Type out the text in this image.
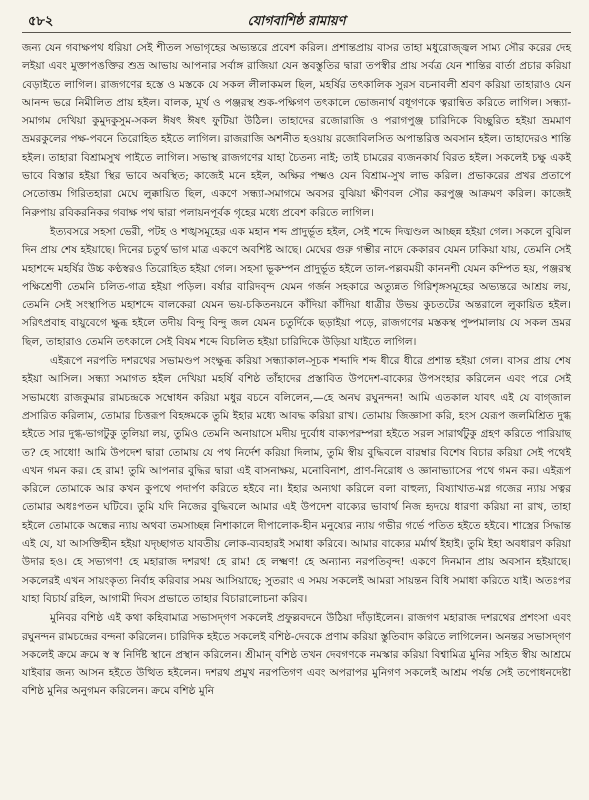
৫৮২	যোগবাশিষ্ঠ রামায়ণ

জন্য যেন গবাক্ষপথ ধরিয়া সেই শীতল সভাগৃহের অভ্যন্তরে প্রবেশ করিল। প্রশান্তপ্রায় বাসর তাহা মধুরোজ্জ্বল সাম্য সৌর করের দেহ লইয়া এবং মুক্তাপঙক্তির শুভ্র আভায় আপনার সর্বাঙ্গ রাজিয়া যেন স্তবস্তুতির দ্বারা তপস্বীর প্রায় সর্বত্র যেন শান্তির বার্তা প্রচার করিয়া বেড়াইতে লাগিল। রাজগণের হস্তে ও মস্তকে যে সকল লীলাকমল ছিল, মহর্ষির তৎকালিক সুরস বচনাবলী শ্রবণ করিয়া তাহারাও যেন আনন্দ ভরে নিমীলিত প্রায় হইল। বালক, মূর্খ ও পঞ্জরস্থ শুক-পক্ষিগণ তৎকালে ভোজনার্থ বধূগণকে ত্বরান্বিত করিতে লাগিল। সন্ধ্যা-সমাগম দেখিয়া কুমুদকুসুম-সকল ঈষৎ ঈষৎ ফুটিয়া উঠিল। তাহাদের রজোরাজি ও পরাগপুঞ্জ চারিদিকে বিচ্ছুরিত হইয়া ভ্রমমাণ ভ্রমরকুলের পক্ষ-পবনে তিরোহিত হইতে লাগিল। রাজরাজি অশনীত হওয়ায় রজোবিলসিত অপান্তরিত্ত অবসান হইল। তাহাদেরও শান্তি হইল। তাহারা বিশ্রামসুখ পাইতে লাগিল। সভাস্থ রাজগণের যাহা চৈতন্য নাই; তাই চামরের ব্যজনকার্য বিরত হইল। সকলেই চক্ষু একই ভাবে বিস্তার হইয়া স্থির ভাবে অবস্থিত; কাজেই মনে হইল, অক্ষির পক্ষ্মও যেন বিশ্রাম-সুখ লাভ করিল। প্রভাকরের প্রখর প্রতাপে সেতোত্তম গিরিতহারা মেঘে লুক্কায়িত ছিল, একণে সন্ধ্যা-সমাগমে অবসর বুঝিয়া ক্ষীণবল সৌর করপুঞ্জ আক্রমণ করিল। কাজেই নিরুপায় রবিকরনিকর গবাক্ষ পথ দ্বারা পলায়নপূর্বক গৃহের মধ্যে প্রবেশ করিতে লাগিল।

ইত্যবসরে সহসা ভেরী, পটহ ও শঙ্খসমূহের এক মহান শব্দ প্রাদুর্ভূত হইল, সেই শব্দে দিঙ্মণ্ডল আচ্ছন্ন হইয়া গেল। সকলে বুঝিল দিন প্রায় শেষ হইয়াছে। দিনের চতুর্থ ভাগ মাত্র একণে অবশিষ্ট আছে। মেঘের গুরু গম্ভীর নাদে কেকারব যেমন ঢাকিয়া যায়, তেমনি সেই মহাশব্দে মহর্ষির উচ্চ কণ্ঠস্বরও তিরোহিত হইয়া গেল। সহসা ভূকম্পন প্রাদুর্ভূত হইলে তাল-পল্লবময়ী কাননশী যেমন কম্পিত হয়, পঞ্জরস্থ পক্ষিশ্রেণী তেমনি চলিত-গাত্র হইয়া পড়িল। বর্ষার বারিদবৃন্দ যেমন গর্জন সহকারে অত্যুন্নত গিরিশৃঙ্গসমূহের অভ্যন্তরে আশ্রয় লয়, তেমনি সেই সংস্থাপিত মহাশব্দে বালকেরা যেমন ভয়-চকিতনয়নে কাঁদিয়া কাঁদিয়া ধাত্রীর উভয় কুচতটের অন্তরালে লুকায়িত হইল। সরিৎপ্রবাহ বায়ুবেগে ক্ষুব্ধ হইলে তদীয় বিন্দু বিন্দু জল যেমন চতুর্দিকে ছড়াইয়া পড়ে, রাজগণের মস্তকস্থ পুষ্পমালায় যে সকল ভ্রমর ছিল, তাহারাও তেমনি তৎকালে সেই বিষম শব্দে বিচলিত হইয়া চারিদিকে উড়িয়া যাইতে লাগিল।

এইরূপে নরপতি দশরথের সভামণ্ডপ সংক্ষুব্ধ করিয়া সন্ধ্যাকাল-সূচক শব্দাদি শব্দ ধীরে ধীরে প্রশান্ত হইয়া গেল। বাসর প্রায় শেষ হইয়া আসিল। সন্ধ্যা সমাগত হইল দেখিয়া মহর্ষি বশিষ্ঠ তাঁহাদের প্রস্তাবিত উপদেশ-বাক্যের উপসংহার করিলেন এবং পরে সেই সভামধ্যে রাজকুমার রামচন্দ্রকে সম্বোধন করিয়া মধুর বচনে বলিলেন,—হে অনঘ রঘুনন্দন! আমি এতকাল যাবৎ এই যে বাগ্জাল প্রসারিত করিলাম, তোমার চিত্তরূপ বিহঙ্গমকে তুমি ইহার মধ্যে আবদ্ধ করিয়া রাখ। তোমায় জিজ্ঞাসা করি, হংস যেরূপ জলমিশ্রিত দুগ্ধ হইতে সার দুগ্ধ-ভাগটুকু তুলিয়া লয়, তুমিও তেমনি অনায়াসে মদীয় দুর্বোধ বাক্যপরম্পরা হইতে সরল সারার্থটুকু গ্রহণ করিতে পারিয়াছ ত? হে সাধো! আমি উপদেশ দ্বারা তোমায় যে পথ নির্দেশ করিয়া দিলাম, তুমি স্বীয় বুদ্ধিবলে বারম্বার বিশেষ বিচার করিয়া সেই পথেই এখন গমন কর। হে রাম! তুমি আপনার বুদ্ধির দ্বারা এই বাসনাক্ষয়, মনোবিনাশ, প্রাণ-নিরোধ ও জ্ঞানাভ্যাসের পথে গমন কর। এইরূপ করিলে তোমাকে আর কখন কুপথে পদার্পণ করিতে হইবে না। ইহার অন্যথা করিলে বলা বাহুল্য, বিষ্যাখাত-মগ্ন গজের ন্যায় সত্বর তোমার অধঃপতন ঘটিবে। তুমি যদি নিজের বুদ্ধিবলে আমার এই উপদেশ বাক্যের ভাবার্থ নিজ হৃদয়ে ধারণা করিয়া না রাখ, তাহা হইলে তোমাকে অন্ধের ন্যায় অথবা তমসাচ্ছন্ন নিশাকালে দীপালোক-হীন মনুষ্যের ন্যায় গভীর গর্ভে পতিত হইতে হইবে। শাস্ত্রের সিদ্ধান্ত এই যে, যা আসক্তিহীন হইয়া যদৃচ্ছাগত যাবতীয় লোক-ব্যবহারই সমাধা করিবে। আমার বাক্যের মর্মার্থ ইহাই। তুমি ইহা অবধারণ করিয়া উদার হও। হে সভ্যগণ! হে মহারাজ দশরথ! হে রাম! হে লক্ষ্মণ! হে অন্যান্য নরপতিবৃন্দ! একণে দিনমান প্রায় অবসান হইয়াছে। সকলেরই এখন সায়ংকৃত্য নির্বাহ করিবার সময় আসিয়াছে; সুতরাং এ সময় সকলেই আমরা সায়ন্তন বিধি সমাধা করিতে যাই। অতঃপর যাহা বিচার্য রহিল, আগামী দিবস প্রভাতে তাহার বিচারালোচনা করিব।

মুনিবর বশিষ্ঠ এই কথা কহিবামাত্র সভাসদ্‌গণ সকলেই প্রফুল্লবদনে উঠিয়া দাঁড়াইলেন। রাজগণ মহারাজ দশরথের প্রশংসা এবং রঘুনন্দন রামচন্দ্রের বন্দনা করিলেন। চারিদিক হইতে সকলেই বশিষ্ঠ-দেবকে প্রণাম করিয়া স্তুতিবাদ করিতে লাগিলেন। অনন্তর সভাসদ্‌গণ সকলেই ক্রমে ক্রমে স্ব স্ব নির্দিষ্ট স্থানে প্রস্থান করিলেন। শ্রীমান্ বশিষ্ঠ তখন দেবগণকে নমস্কার করিয়া বিশ্বামিত্র মুনির সহিত স্বীয় আশ্রমে যাইবার জন্য আসন হইতে উত্থিত হইলেন। দশরথ প্রমুখ নরপতিগণ এবং অপরাপর মুনিগণ সকলেই আশ্রম পর্যন্ত সেই তপোধনদেষ্টা বশিষ্ঠ মুনির অনুগমন করিলেন। ক্রমে বশিষ্ঠ মুনি
